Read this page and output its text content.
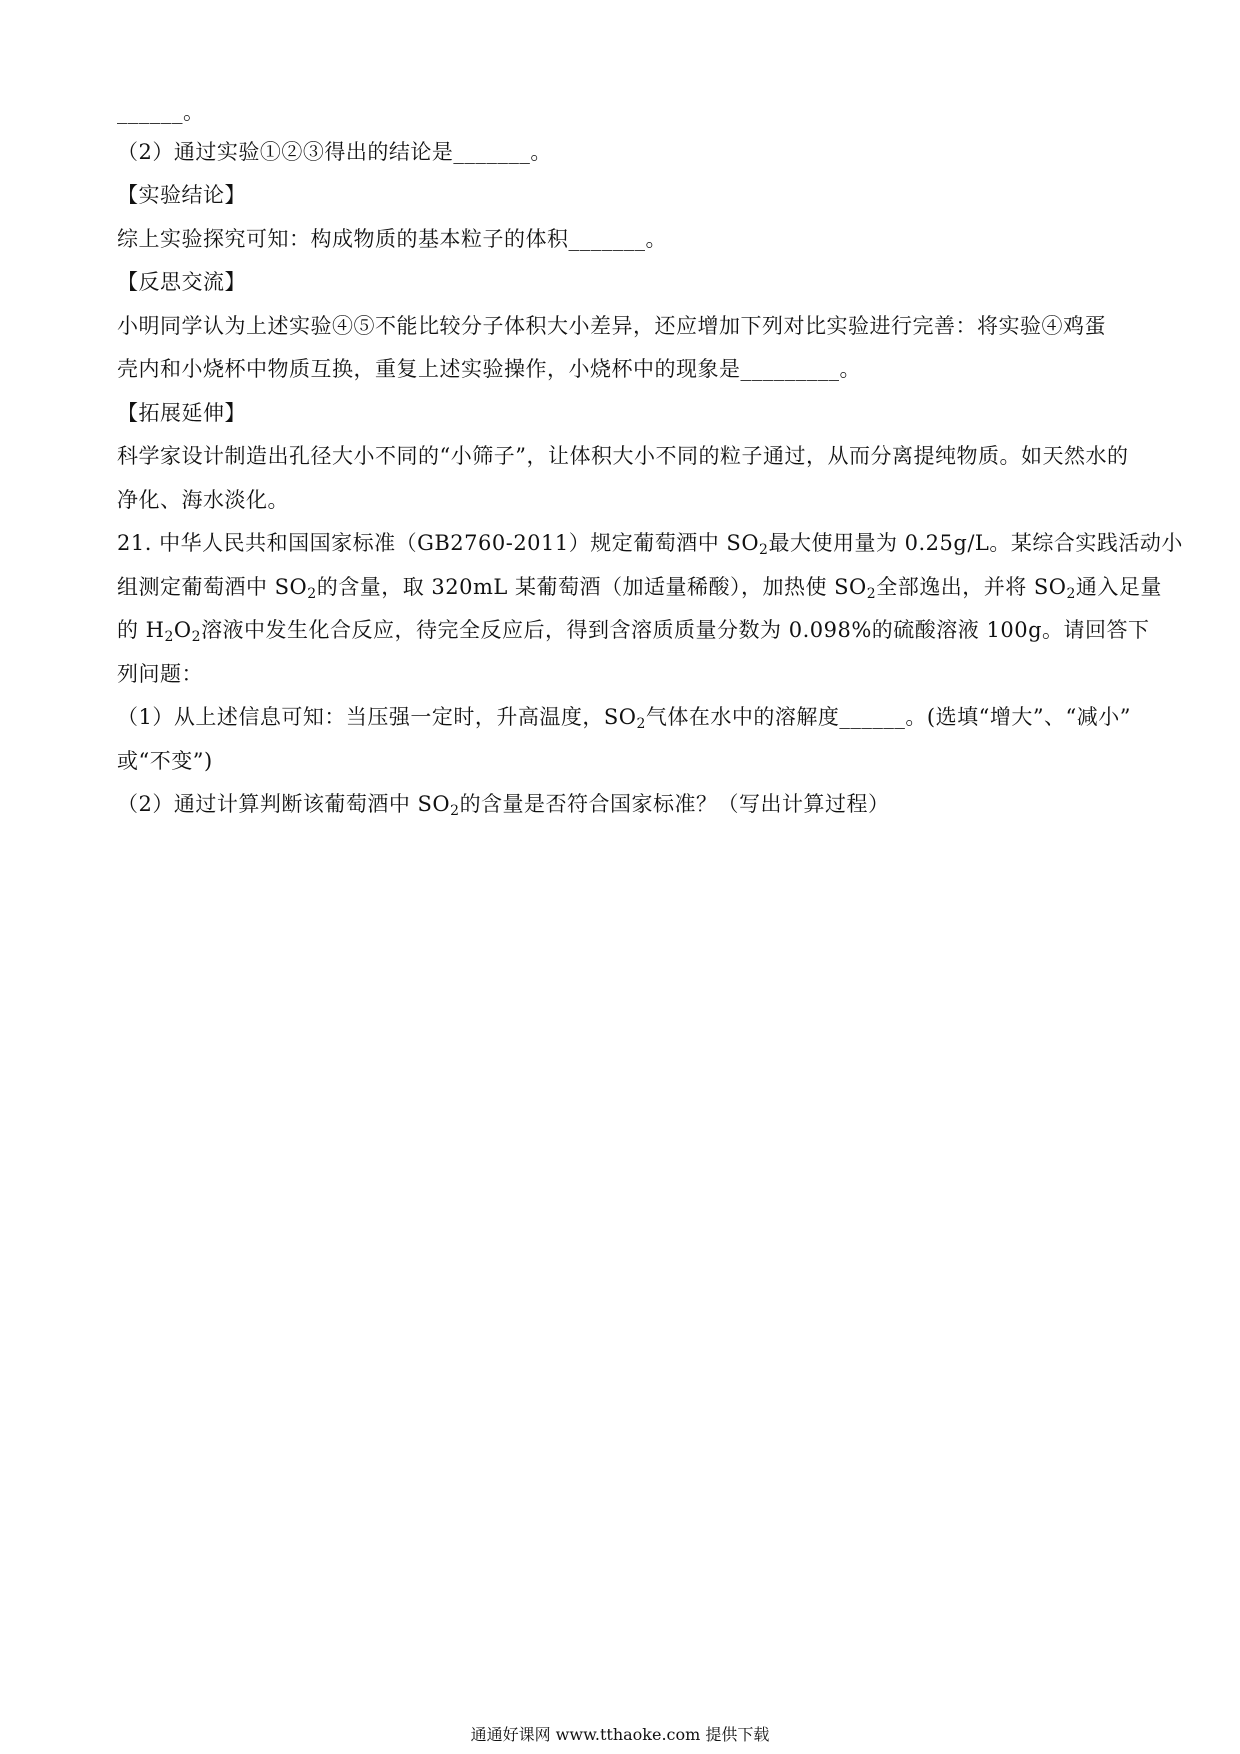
______。
（2）通过实验①②③得出的结论是_______。
【实验结论】
综上实验探究可知：构成物质的基本粒子的体积_______。
【反思交流】
小明同学认为上述实验④⑤不能比较分子体积大小差异，还应增加下列对比实验进行完善：将实验④鸡蛋
壳内和小烧杯中物质互换，重复上述实验操作，小烧杯中的现象是_________。
【拓展延伸】
科学家设计制造出孔径大小不同的“小筛子”，让体积大小不同的粒子通过，从而分离提纯物质。如天然水的
净化、海水淡化。
21. 中华人民共和国国家标准（GB2760-2011）规定葡萄酒中 $SO_2$最大使用量为 0.25g/L。某综合实践活动小
组测定葡萄酒中 $SO_2$的含量，取 320mL 某葡萄酒（加适量稀酸），加热使 $SO_2$全部逸出，并将 $SO_2$通入足量
的 $H_2O_2$溶液中发生化合反应，待完全反应后，得到含溶质质量分数为 0.098%的硫酸溶液 100g。请回答下
列问题：
（1）从上述信息可知：当压强一定时，升高温度，$SO_2$气体在水中的溶解度______。(选填“增大”、“减小”
或“不变”)
（2）通过计算判断该葡萄酒中 $SO_2$的含量是否符合国家标准？（写出计算过程）
通通好课网 www.tthaoke.com 提供下载
